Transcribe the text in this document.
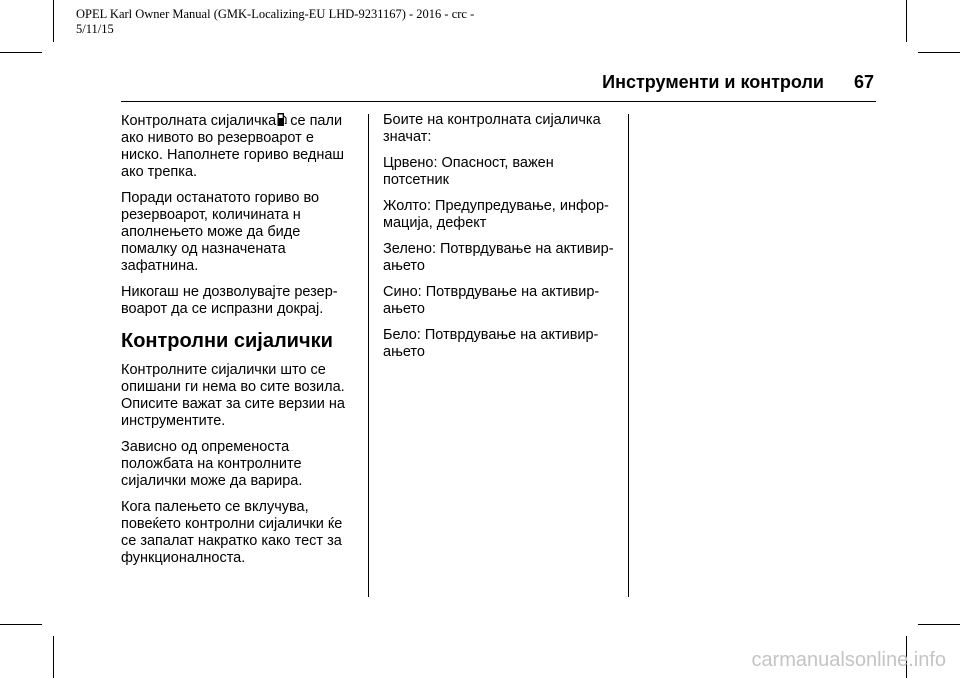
OPEL Karl Owner Manual (GMK-Localizing-EU LHD-9231167) - 2016 - crc -
5/11/15
Инструменти и контроли 67

Контролната сијаличка се пали
ако нивото во резервоарот е
ниско. Наполнете гориво веднаш
ако трепка.

Поради останатото гориво во
резервоарот, количината н
аполнењето може да биде
помалку од назначената
зафатнина.

Никогаш не дозволувајте резер-
воарот да се испразни докрај.

Контролни сијалички

Контролните сијалички што се
опишани ги нема во сите возила.
Описите важат за сите верзии на
инструментите.

Зависно од опременоста
положбата на контролните
сијалички може да варира.

Кога палењето се вклучува,
повеќето контролни сијалички ќе
се запалат накратко како тест за
функционалноста.

Боите на контролната сијаличка
значат:

Црвено: Опасност, важен
потсетник

Жолто: Предупредување, инфор-
мација, дефект

Зелено: Потврдување на активир-
ањето

Сино: Потврдување на активир-
ањето

Бело: Потврдување на активир-
ањето

carmanualsonline.info
